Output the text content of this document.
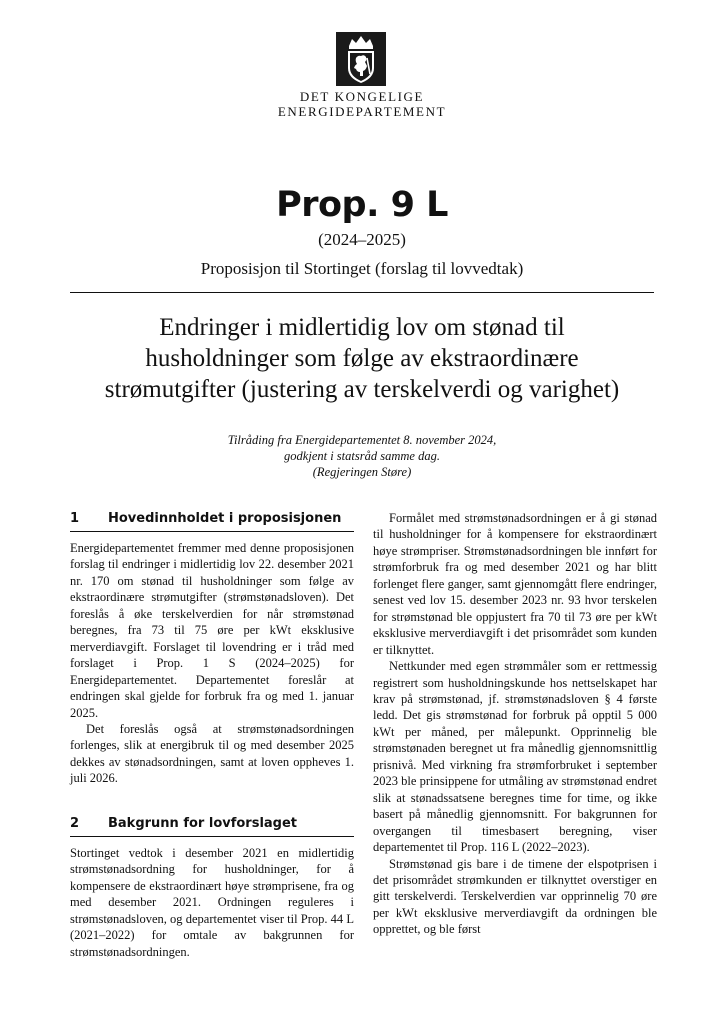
DET KONGELIGE
ENERGIDEPARTEMENT
Prop. 9 L
(2024–2025)
Proposisjon til Stortinget (forslag til lovvedtak)
Endringer i midlertidig lov om stønad til
husholdninger som følge av ekstraordinære
strømutgifter (justering av terskelverdi og varighet)
Tilråding fra Energidepartementet 8. november 2024,
godkjent i statsråd samme dag.
(Regjeringen Støre)
1	Hovedinnholdet i proposisjonen

Energidepartementet fremmer med denne proposisjonen forslag til endringer i midlertidig lov 22. desember 2021 nr. 170 om stønad til husholdninger som følge av ekstraordinære strømutgifter (strømstønadsloven). Det foreslås å øke terskelverdien for når strømstønad beregnes, fra 73 til 75 øre per kWt eksklusive merverdiavgift. Forslaget til lovendring er i tråd med forslaget i Prop. 1 S (2024–2025) for Energidepartementet. Departementet foreslår at endringen skal gjelde for forbruk fra og med 1. januar 2025.

Det foreslås også at strømstønadsordningen forlenges, slik at energibruk til og med desember 2025 dekkes av stønadsordningen, samt at loven oppheves 1. juli 2026.

2	Bakgrunn for lovforslaget

Stortinget vedtok i desember 2021 en midlertidig strømstønadsordning for husholdninger, for å kompensere de ekstraordinært høye strømprisene, fra og med desember 2021. Ordningen reguleres i strømstønadsloven, og departementet viser til Prop. 44 L (2021–2022) for omtale av bakgrunnen for strømstønadsordningen.

Formålet med strømstønadsordningen er å gi stønad til husholdninger for å kompensere for ekstraordinært høye strømpriser. Strømstønadsordningen ble innført for strømforbruk fra og med desember 2021 og har blitt forlenget flere ganger, samt gjennomgått flere endringer, senest ved lov 15. desember 2023 nr. 93 hvor terskelen for strømstønad ble oppjustert fra 70 til 73 øre per kWt eksklusive merverdiavgift i det prisområdet som kunden er tilknyttet.

Nettkunder med egen strømmåler som er rettmessig registrert som husholdningskunde hos nettselskapet har krav på strømstønad, jf. strømstønadsloven § 4 første ledd. Det gis strømstønad for forbruk på opptil 5 000 kWt per måned, per målepunkt. Opprinnelig ble strømstønaden beregnet ut fra månedlig gjennomsnittlig prisnivå. Med virkning fra strømforbruket i september 2023 ble prinsippene for utmåling av strømstønad endret slik at stønadssatsene beregnes time for time, og ikke basert på månedlig gjennomsnitt. For bakgrunnen for overgangen til timesbasert beregning, viser departementet til Prop. 116 L (2022–2023).

Strømstønad gis bare i de timene der elspotprisen i det prisområdet strømkunden er tilknyttet overstiger en gitt terskelverdi. Terskelverdien var opprinnelig 70 øre per kWt eksklusive merverdiavgift da ordningen ble opprettet, og ble først
